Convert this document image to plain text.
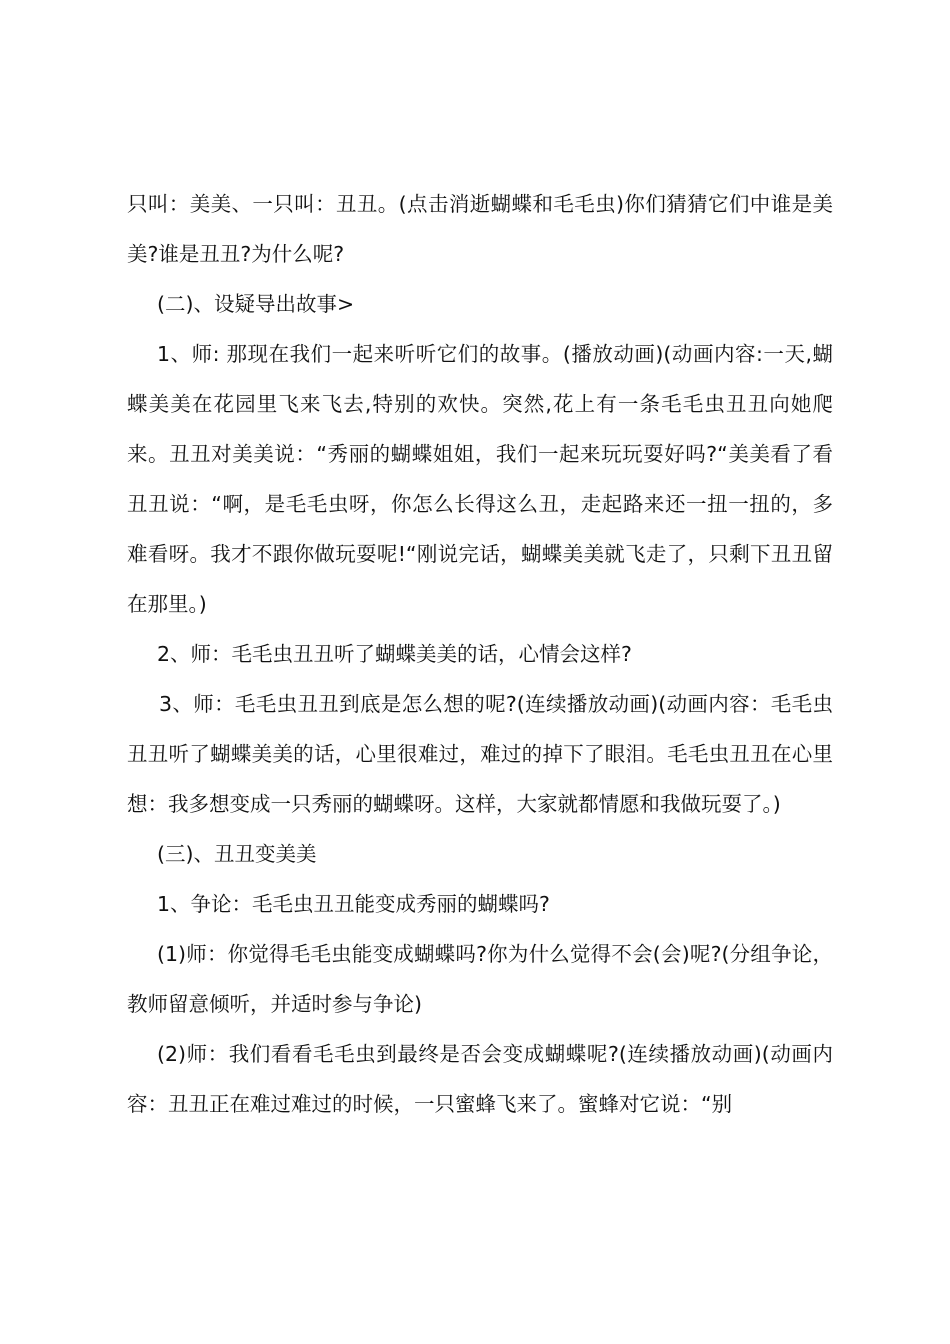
只叫：美美、一只叫：丑丑。(点击消逝蝴蝶和毛毛虫)你们猜猜它们中谁是美美?谁是丑丑?为什么呢?

(二)、设疑导出故事>

1、师: 那现在我们一起来听听它们的故事。(播放动画)(动画内容:一天,蝴蝶美美在花园里飞来飞去,特别的欢快。突然,花上有一条毛毛虫丑丑向她爬来。丑丑对美美说：“秀丽的蝴蝶姐姐，我们一起来玩玩耍好吗?“美美看了看丑丑说：“啊，是毛毛虫呀，你怎么长得这么丑，走起路来还一扭一扭的，多难看呀。我才不跟你做玩耍呢!“刚说完话，蝴蝶美美就飞走了，只剩下丑丑留在那里。)

2、师：毛毛虫丑丑听了蝴蝶美美的话，心情会这样?

3、师：毛毛虫丑丑到底是怎么想的呢?(连续播放动画)(动画内容：毛毛虫丑丑听了蝴蝶美美的话，心里很难过，难过的掉下了眼泪。毛毛虫丑丑在心里想：我多想变成一只秀丽的蝴蝶呀。这样，大家就都情愿和我做玩耍了。)

(三)、丑丑变美美

1、争论：毛毛虫丑丑能变成秀丽的蝴蝶吗?

(1)师：你觉得毛毛虫能变成蝴蝶吗?你为什么觉得不会(会)呢?(分组争论，教师留意倾听，并适时参与争论)

(2)师：我们看看毛毛虫到最终是否会变成蝴蝶呢?(连续播放动画)(动画内容：丑丑正在难过难过的时候，一只蜜蜂飞来了。蜜蜂对它说：“别
